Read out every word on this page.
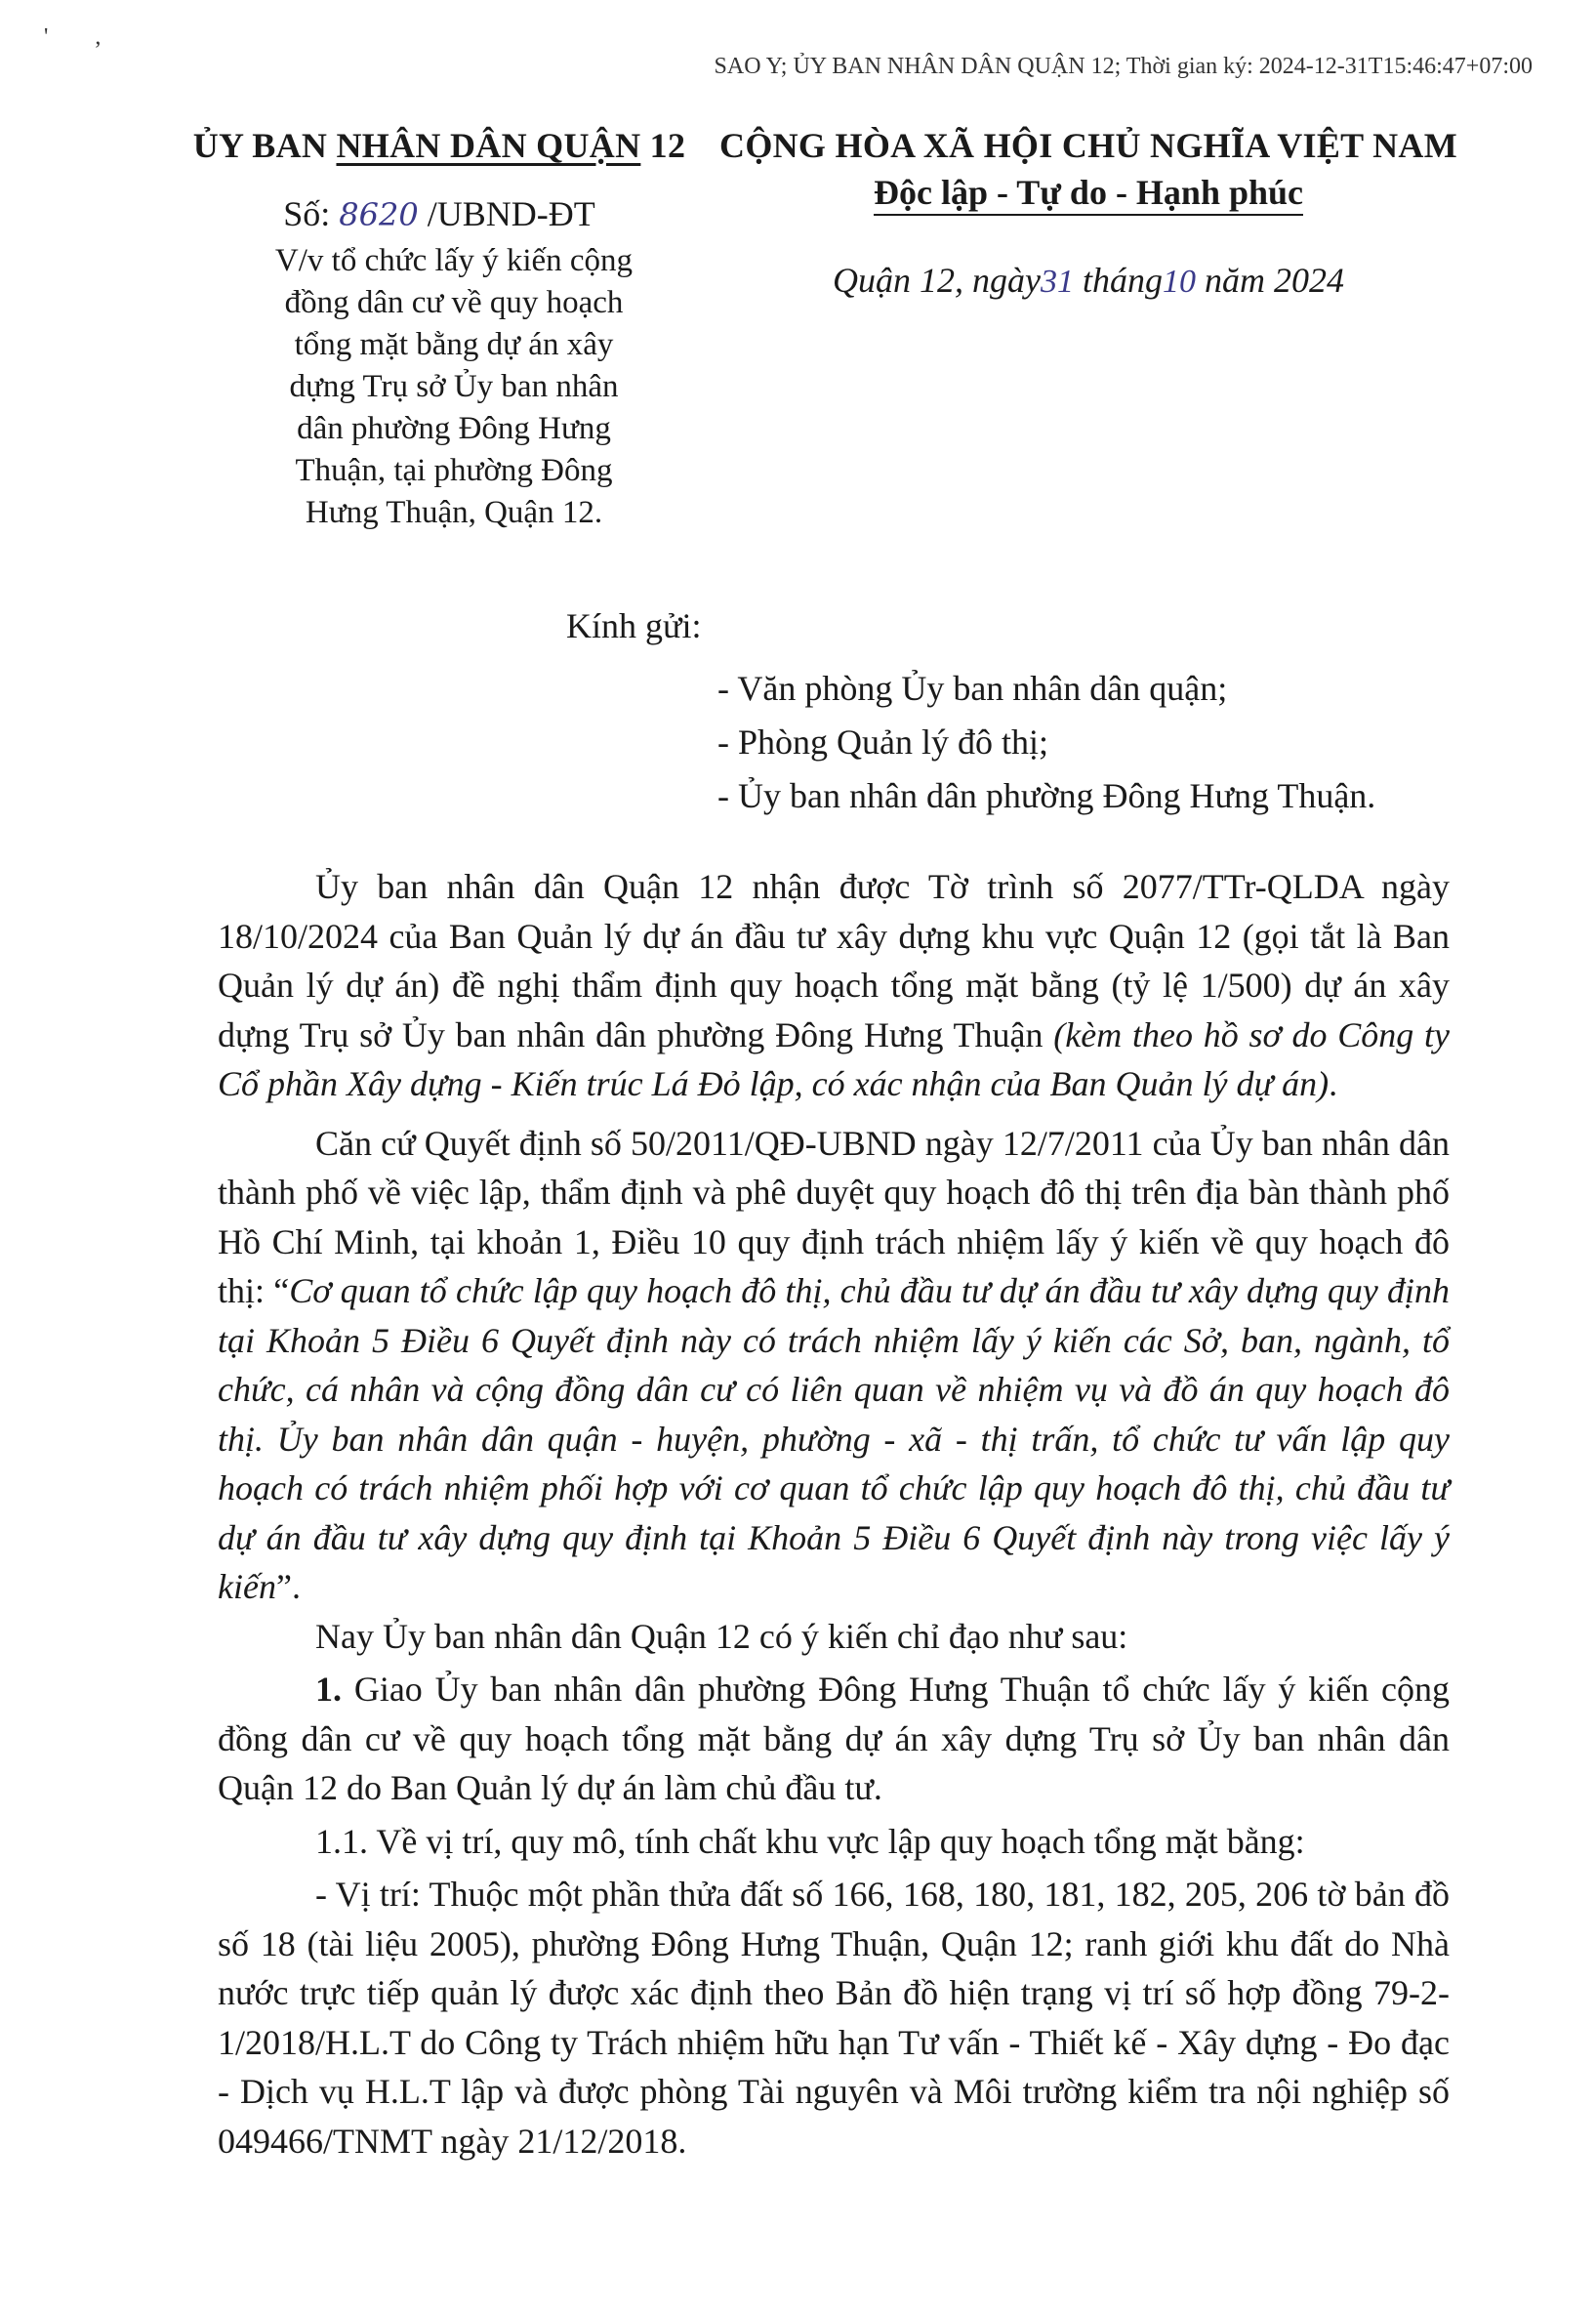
'        ,
SAO Y; ỦY BAN NHÂN DÂN QUẬN 12; Thời gian ký: 2024-12-31T15:46:47+07:00
ỦY BAN NHÂN DÂN QUẬN 12
Số: 8620 /UBND-ĐT
V/v tổ chức lấy ý kiến cộng đồng dân cư về quy hoạch tổng mặt bằng dự án xây dựng Trụ sở Ủy ban nhân dân phường Đông Hưng Thuận, tại phường Đông Hưng Thuận, Quận 12.
CỘNG HÒA XÃ HỘI CHỦ NGHĨA VIỆT NAM
Độc lập - Tự do - Hạnh phúc
Quận 12, ngày31 tháng10 năm 2024
Kính gửi:
- Văn phòng Ủy ban nhân dân quận;
- Phòng Quản lý đô thị;
- Ủy ban nhân dân phường Đông Hưng Thuận.

Ủy ban nhân dân Quận 12 nhận được Tờ trình số 2077/TTr-QLDA ngày 18/10/2024 của Ban Quản lý dự án đầu tư xây dựng khu vực Quận 12 (gọi tắt là Ban Quản lý dự án) đề nghị thẩm định quy hoạch tổng mặt bằng (tỷ lệ 1/500) dự án xây dựng Trụ sở Ủy ban nhân dân phường Đông Hưng Thuận (kèm theo hồ sơ do Công ty Cổ phần Xây dựng - Kiến trúc Lá Đỏ lập, có xác nhận của Ban Quản lý dự án).

Căn cứ Quyết định số 50/2011/QĐ-UBND ngày 12/7/2011 của Ủy ban nhân dân thành phố về việc lập, thẩm định và phê duyệt quy hoạch đô thị trên địa bàn thành phố Hồ Chí Minh, tại khoản 1, Điều 10 quy định trách nhiệm lấy ý kiến về quy hoạch đô thị: “Cơ quan tổ chức lập quy hoạch đô thị, chủ đầu tư dự án đầu tư xây dựng quy định tại Khoản 5 Điều 6 Quyết định này có trách nhiệm lấy ý kiến các Sở, ban, ngành, tổ chức, cá nhân và cộng đồng dân cư có liên quan về nhiệm vụ và đồ án quy hoạch đô thị. Ủy ban nhân dân quận - huyện, phường - xã - thị trấn, tổ chức tư vấn lập quy hoạch có trách nhiệm phối hợp với cơ quan tổ chức lập quy hoạch đô thị, chủ đầu tư dự án đầu tư xây dựng quy định tại Khoản 5 Điều 6 Quyết định này trong việc lấy ý kiến”.

Nay Ủy ban nhân dân Quận 12 có ý kiến chỉ đạo như sau:

1. Giao Ủy ban nhân dân phường Đông Hưng Thuận tổ chức lấy ý kiến cộng đồng dân cư về quy hoạch tổng mặt bằng dự án xây dựng Trụ sở Ủy ban nhân dân Quận 12 do Ban Quản lý dự án làm chủ đầu tư.

1.1. Về vị trí, quy mô, tính chất khu vực lập quy hoạch tổng mặt bằng:

- Vị trí: Thuộc một phần thửa đất số 166, 168, 180, 181, 182, 205, 206 tờ bản đồ số 18 (tài liệu 2005), phường Đông Hưng Thuận, Quận 12; ranh giới khu đất do Nhà nước trực tiếp quản lý được xác định theo Bản đồ hiện trạng vị trí số hợp đồng 79-2-1/2018/H.L.T do Công ty Trách nhiệm hữu hạn Tư vấn - Thiết kế - Xây dựng - Đo đạc - Dịch vụ H.L.T lập và được phòng Tài nguyên và Môi trường kiểm tra nội nghiệp số 049466/TNMT ngày 21/12/2018.
